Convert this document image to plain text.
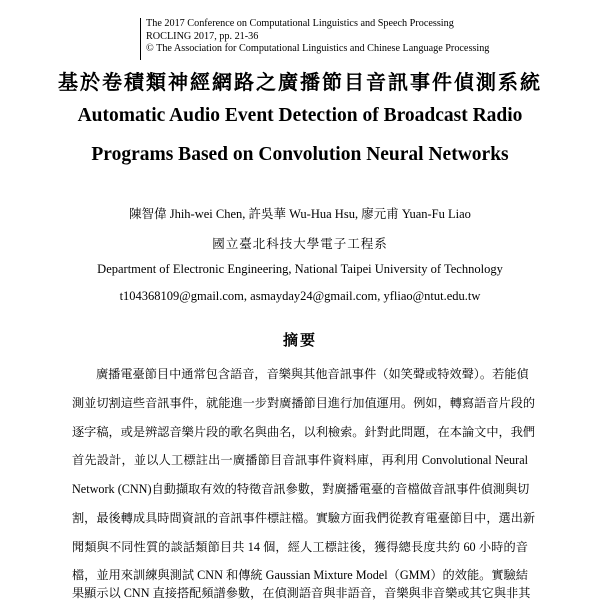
The 2017 Conference on Computational Linguistics and Speech Processing
ROCLING 2017, pp. 21-36
© The Association for Computational Linguistics and Chinese Language Processing
基於卷積類神經網路之廣播節目音訊事件偵測系統
Automatic Audio Event Detection of Broadcast Radio
Programs Based on Convolution Neural Networks
陳智偉 Jhih-wei Chen, 許吳華 Wu-Hua Hsu, 廖元甫 Yuan-Fu Liao
國立臺北科技大學電子工程系
Department of Electronic Engineering, National Taipei University of Technology
t104368109@gmail.com, asmayday24@gmail.com, yfliao@ntut.edu.tw
摘要
廣播電臺節目中通常包含語音，音樂與其他音訊事件（如笑聲或特效聲）。若能偵
測並切割這些音訊事件，就能進一步對廣播節目進行加值運用。例如，轉寫語音片段的
逐字稿，或是辨認音樂片段的歌名與曲名，以利檢索。針對此問題，在本論文中，我們
首先設計，並以人工標註出一廣播節目音訊事件資料庫，再利用 Convolutional Neural
Network (CNN)自動擷取有效的特徵音訊參數，對廣播電臺的音檔做音訊事件偵測與切
割，最後轉成具時間資訊的音訊事件標註檔。實驗方面我們從教育電臺節目中，選出新
聞類與不同性質的談話類節目共 14 個，經人工標註後，獲得總長度共約 60 小時的音
檔，並用來訓練與測試 CNN 和傳統 Gaussian Mixture Model（GMM）的效能。實驗結
果顯示以 CNN 直接搭配頻譜參數，在偵測語音與非語音，音樂與非音樂或其它與非其
